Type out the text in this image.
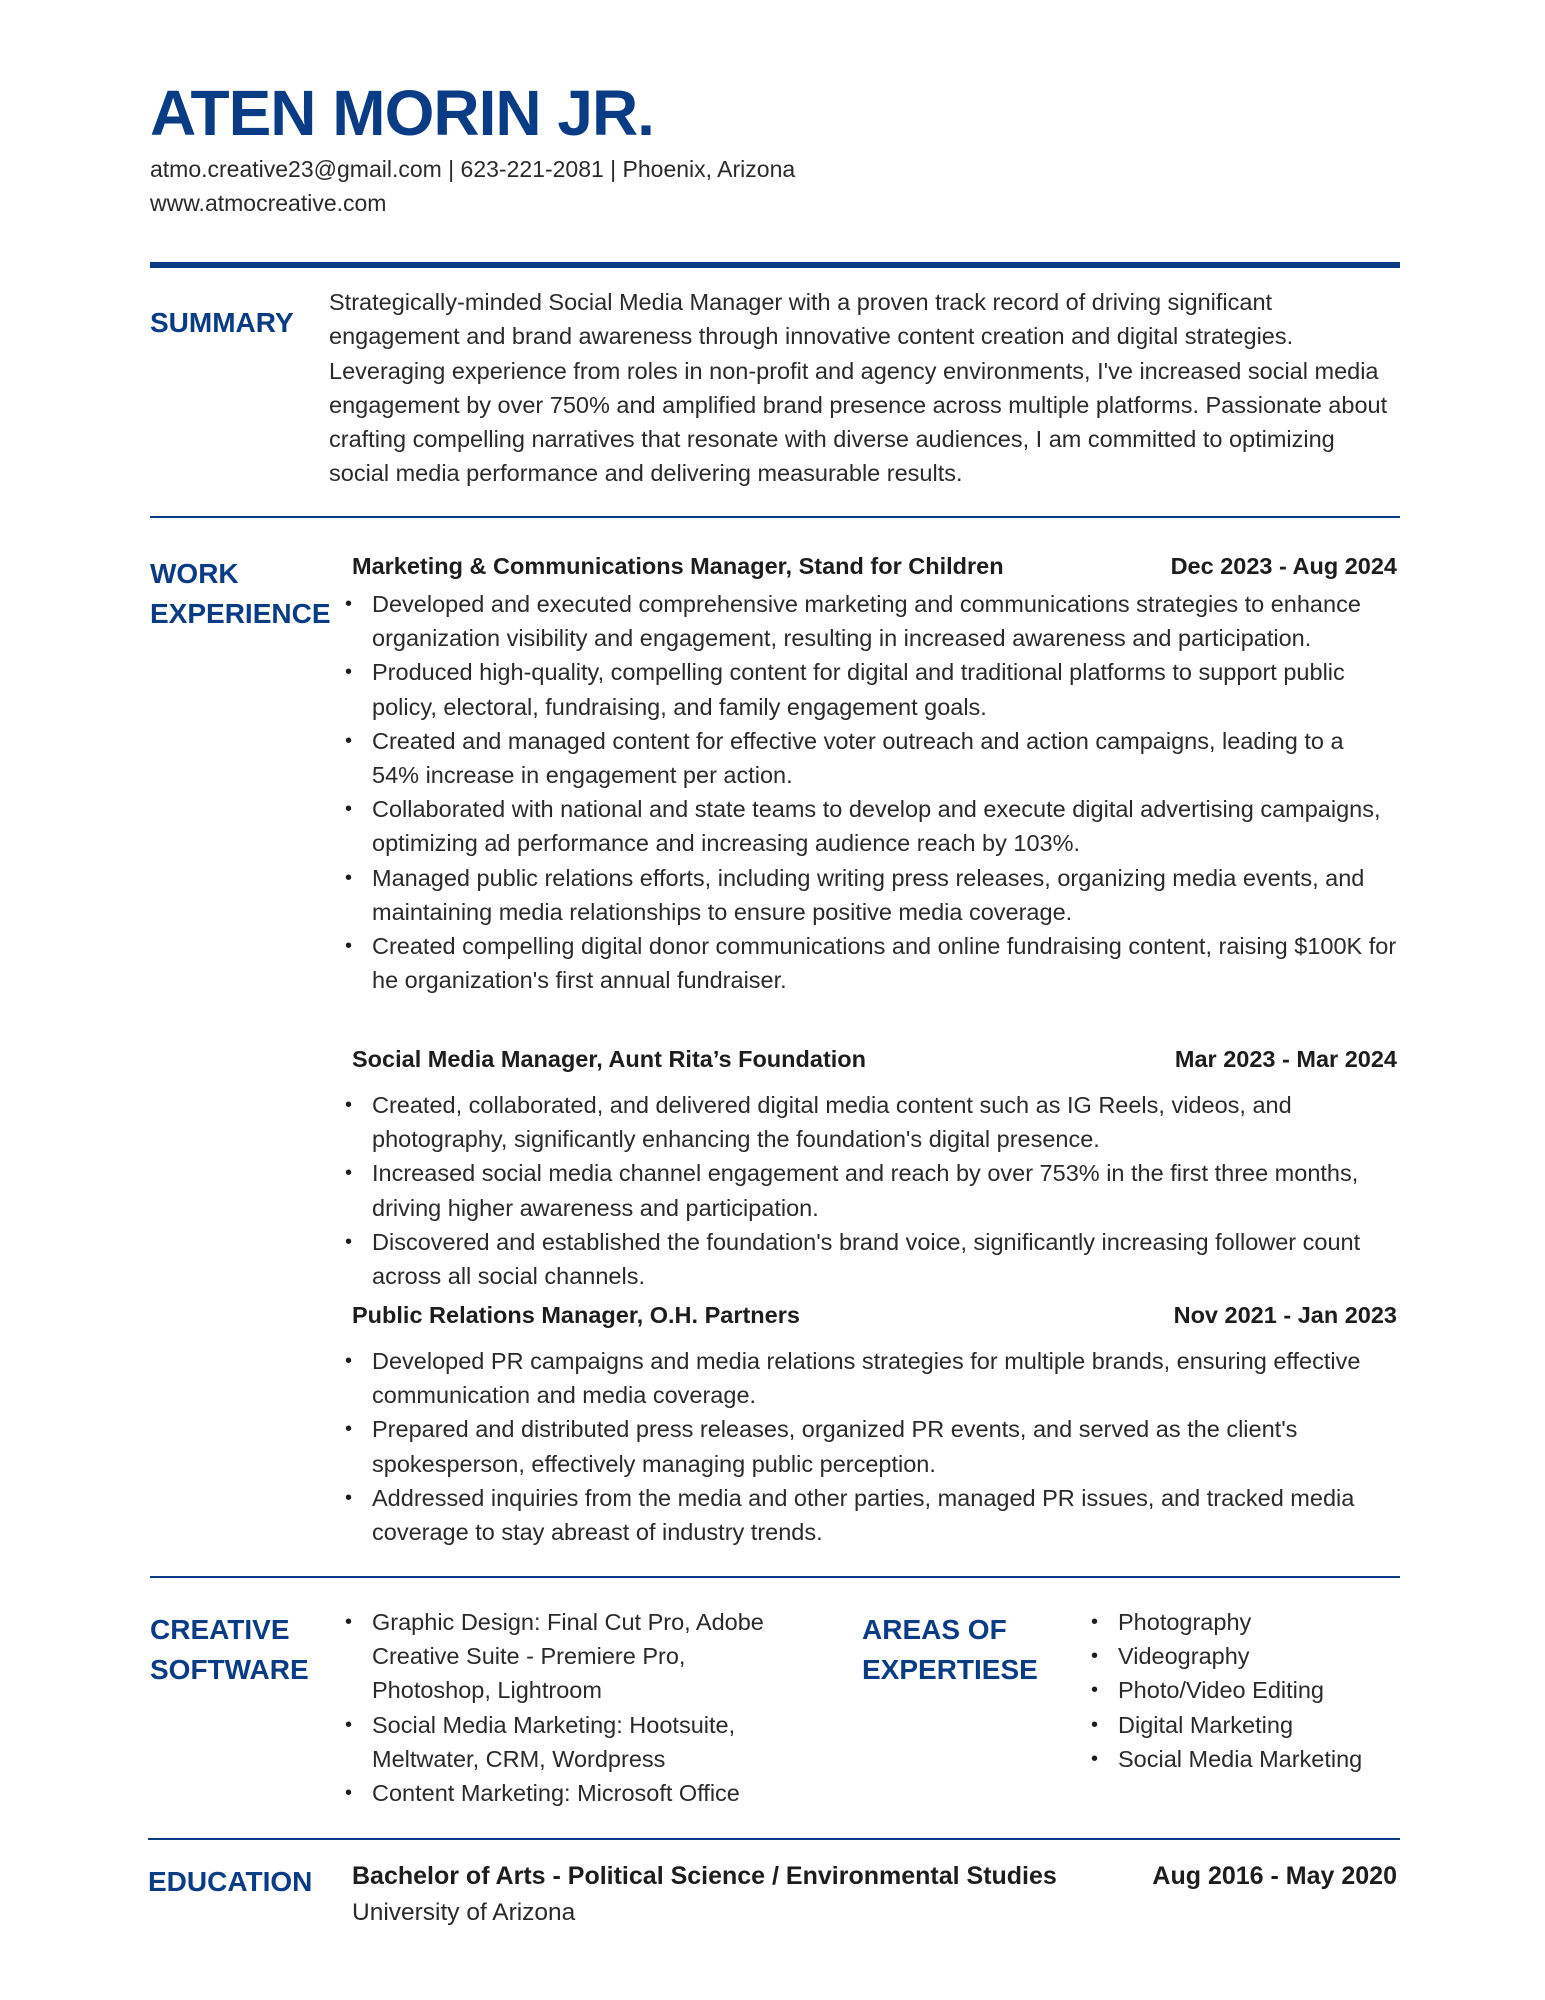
ATEN MORIN JR.
atmo.creative23@gmail.com | 623-221-2081 | Phoenix, Arizona
www.atmocreative.com
SUMMARY

Strategically-minded Social Media Manager with a proven track record of driving significant engagement and brand awareness through innovative content creation and digital strategies. Leveraging experience from roles in non-profit and agency environments, I've increased social media engagement by over 750% and amplified brand presence across multiple platforms. Passionate about crafting compelling narratives that resonate with diverse audiences, I am committed to optimizing social media performance and delivering measurable results.

WORK
EXPERIENCE
Marketing & Communications Manager, Stand for Children	Dec 2023 - Aug 2024
• Developed and executed comprehensive marketing and communications strategies to enhance organization visibility and engagement, resulting in increased awareness and participation.
• Produced high-quality, compelling content for digital and traditional platforms to support public policy, electoral, fundraising, and family engagement goals.
• Created and managed content for effective voter outreach and action campaigns, leading to a 54% increase in engagement per action.
• Collaborated with national and state teams to develop and execute digital advertising campaigns, optimizing ad performance and increasing audience reach by 103%.
• Managed public relations efforts, including writing press releases, organizing media events, and maintaining media relationships to ensure positive media coverage.
• Created compelling digital donor communications and online fundraising content, raising $100K for he organization's first annual fundraiser.
Social Media Manager, Aunt Rita’s Foundation	Mar 2023 - Mar 2024
• Created, collaborated, and delivered digital media content such as IG Reels, videos, and photography, significantly enhancing the foundation's digital presence.
• Increased social media channel engagement and reach by over 753% in the first three months, driving higher awareness and participation.
• Discovered and established the foundation's brand voice, significantly increasing follower count across all social channels.
Public Relations Manager, O.H. Partners	Nov 2021 - Jan 2023
• Developed PR campaigns and media relations strategies for multiple brands, ensuring effective communication and media coverage.
• Prepared and distributed press releases, organized PR events, and served as the client's spokesperson, effectively managing public perception.
• Addressed inquiries from the media and other parties, managed PR issues, and tracked media coverage to stay abreast of industry trends.
CREATIVE
SOFTWARE
• Graphic Design: Final Cut Pro, Adobe Creative Suite - Premiere Pro, Photoshop, Lightroom
• Social Media Marketing: Hootsuite, Meltwater, CRM, Wordpress
• Content Marketing: Microsoft Office
AREAS OF
EXPERTIESE
• Photography
• Videography
• Photo/Video Editing
• Digital Marketing
• Social Media Marketing
EDUCATION Bachelor of Arts - Political Science / Environmental Studies	Aug 2016 - May 2020
University of Arizona
